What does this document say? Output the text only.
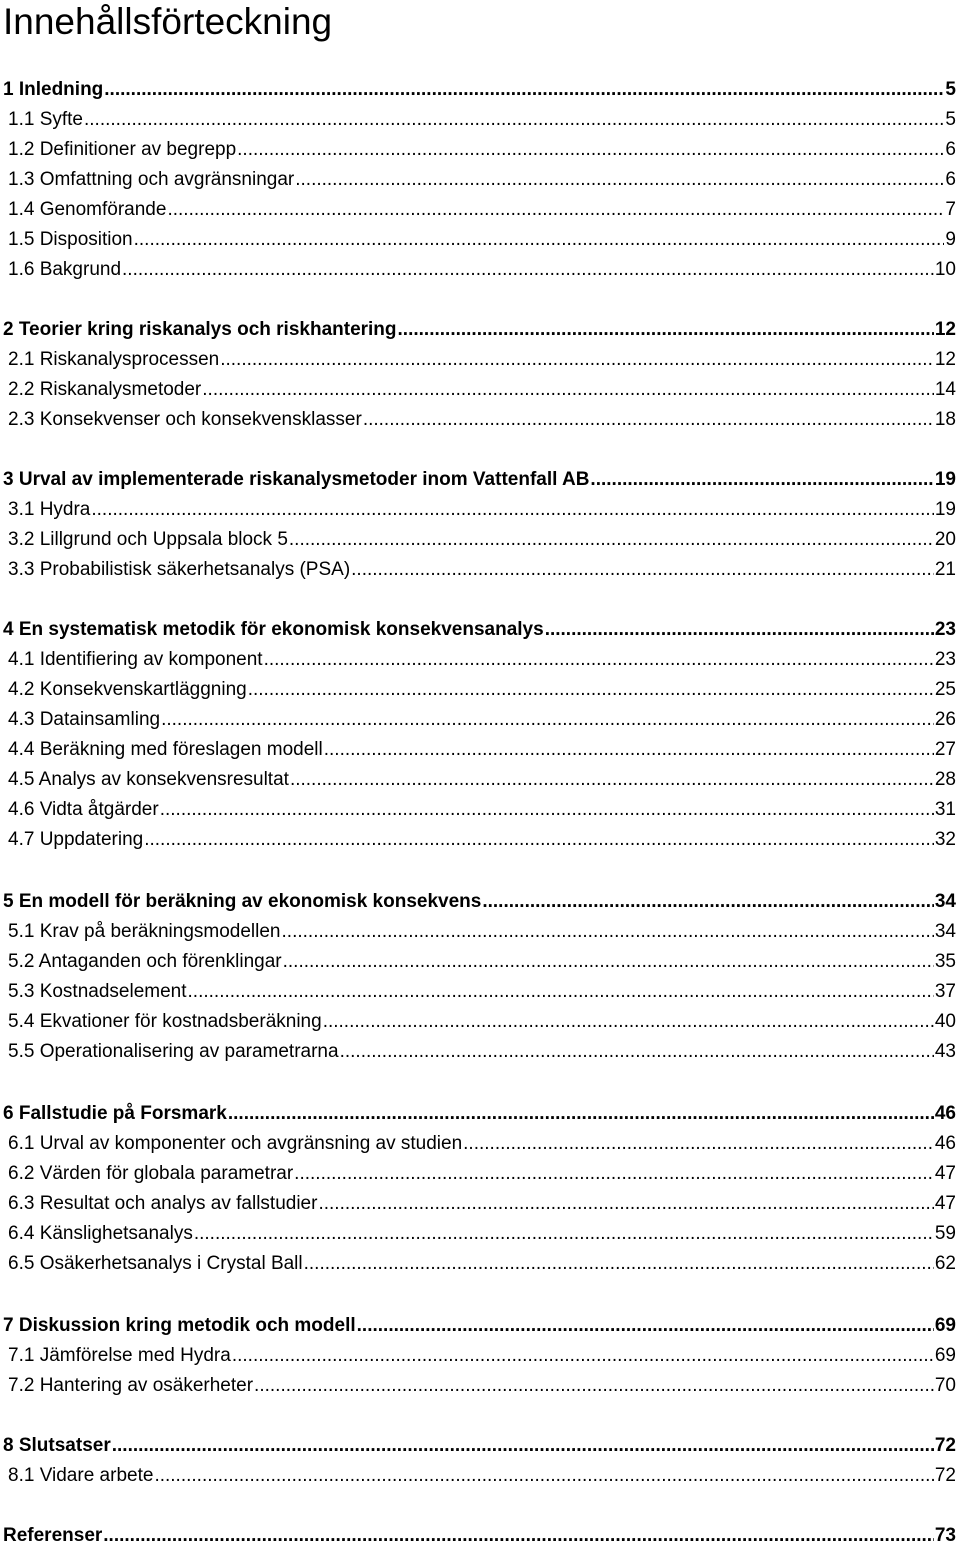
Innehållsförteckning
1 Inledning .....	5
1.1 Syfte .....	5
1.2 Definitioner av begrepp .....	6
1.3 Omfattning och avgränsningar .....	6
1.4 Genomförande .....	7
1.5 Disposition .....	9
1.6 Bakgrund .....	10
2 Teorier kring riskanalys och riskhantering .....	12
2.1 Riskanalysprocessen .....	12
2.2 Riskanalysmetoder .....	14
2.3 Konsekvenser och konsekvensklasser .....	18
3 Urval av implementerade riskanalysmetoder inom Vattenfall AB .....	19
3.1 Hydra .....	19
3.2 Lillgrund och Uppsala block 5 .....	20
3.3 Probabilistisk säkerhetsanalys (PSA) .....	21
4 En systematisk metodik för ekonomisk konsekvensanalys .....	23
4.1 Identifiering av komponent .....	23
4.2 Konsekvenskartläggning .....	25
4.3 Datainsamling .....	26
4.4 Beräkning med föreslagen modell .....	27
4.5 Analys av konsekvensresultat .....	28
4.6 Vidta åtgärder .....	31
4.7 Uppdatering .....	32
5 En modell för beräkning av ekonomisk konsekvens .....	34
5.1 Krav på beräkningsmodellen .....	34
5.2 Antaganden och förenklingar .....	35
5.3 Kostnadselement .....	37
5.4 Ekvationer för kostnadsberäkning .....	40
5.5 Operationalisering av parametrarna .....	43
6 Fallstudie på Forsmark .....	46
6.1 Urval av komponenter och avgränsning av studien .....	46
6.2 Värden för globala parametrar .....	47
6.3 Resultat och analys av fallstudier .....	47
6.4 Känslighetsanalys .....	59
6.5 Osäkerhetsanalys i Crystal Ball .....	62
7 Diskussion kring metodik och modell .....	69
7.1 Jämförelse med Hydra .....	69
7.2 Hantering av osäkerheter .....	70
8 Slutsatser .....	72
8.1 Vidare arbete .....	72
Referenser .....	73
